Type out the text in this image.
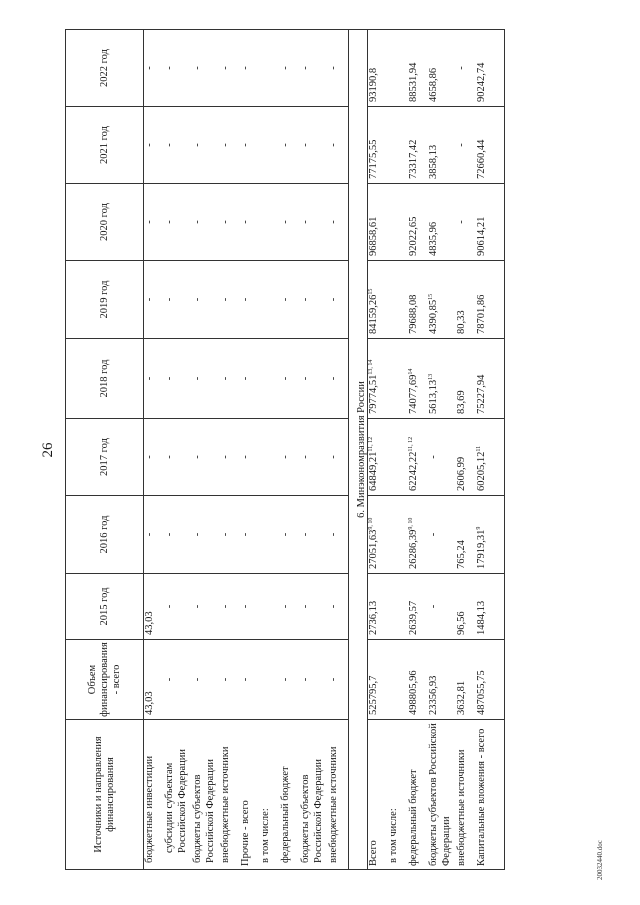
26
20032440.doc
Источники и направления финансирования	Объем финансирования - всего	2015 год	2016 год	2017 год	2018 год	2019 год	2020 год	2021 год	2022 год
бюджетные инвестиции	43,03	43,03	-	-	-	-	-	-	-
субсидии субъектам Российской Федерации	-	-	-	-	-	-	-	-	-
бюджеты субъектов Российской Федерации	-	-	-	-	-	-	-	-	-
внебюджетные источники	-	-	-	-	-	-	-	-	-
Прочие - всего	-	-	-	-	-	-	-	-	-
в том числе:									
федеральный бюджет	-	-	-	-	-	-	-	-	-
бюджеты субъектов Российской Федерации	-	-	-	-	-	-	-	-	-
внебюджетные источники	-	-	-	-	-	-	-	-	-
6. Минэкономразвития России									
Всего	525795,7	2736,13	27051,63$^{9, 10}$	64849,21$^{11, 12}$	79774,51$^{13, 14}$	84159,26$^{15}$	96858,61	77175,55	93190,8
в том числе:									
федеральный бюджет	498805,96	2639,57	26286,39$^{9, 10}$	62242,22$^{11, 12}$	74077,69$^{14}$	79688,08	92022,65	73317,42	88531,94
бюджеты субъектов Российской Федерации	23356,93	-	-	-	5613,13$^{13}$	4390,85$^{15}$	4835,96	3858,13	4658,86
внебюджетные источники	3632,81	96,56	765,24	2606,99	83,69	80,33	-	-	-
Капитальные вложения - всего	487055,75	1484,13	17919,31$^9$	60205,12$^{11}$	75227,94	78701,86	90614,21	72660,44	90242,74
